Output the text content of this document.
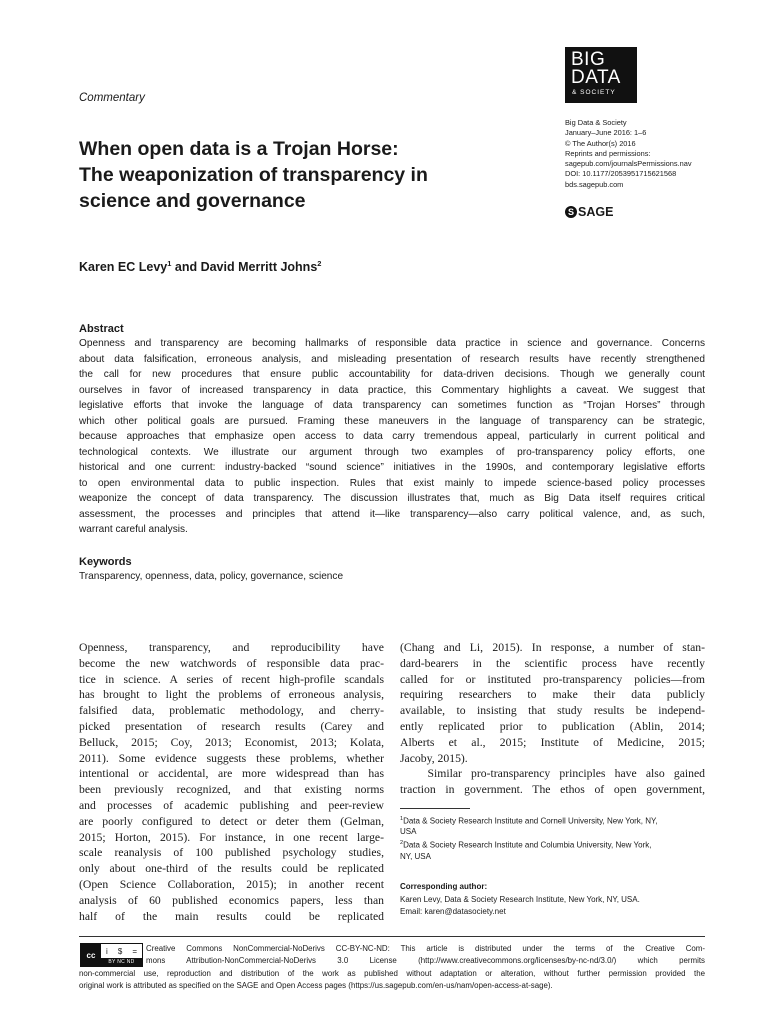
Commentary
BIG
DATA
& SOCIETY
Big Data & Society
January–June 2016: 1–6
© The Author(s) 2016
Reprints and permissions:
sagepub.com/journalsPermissions.nav
DOI: 10.1177/2053951715621568
bds.sagepub.com
S SAGE
When open data is a Trojan Horse:
The weaponization of transparency in
science and governance
Karen EC Levy$^1$ and David Merritt Johns$^2$
Abstract
Openness and transparency are becoming hallmarks of responsible data practice in science and governance. Concerns
about data falsification, erroneous analysis, and misleading presentation of research results have recently strengthened
the call for new procedures that ensure public accountability for data-driven decisions. Though we generally count
ourselves in favor of increased transparency in data practice, this Commentary highlights a caveat. We suggest that
legislative efforts that invoke the language of data transparency can sometimes function as “Trojan Horses” through
which other political goals are pursued. Framing these maneuvers in the language of transparency can be strategic,
because approaches that emphasize open access to data carry tremendous appeal, particularly in current political and
technological contexts. We illustrate our argument through two examples of pro-transparency policy efforts, one
historical and one current: industry-backed “sound science” initiatives in the 1990s, and contemporary legislative efforts
to open environmental data to public inspection. Rules that exist mainly to impede science-based policy processes
weaponize the concept of data transparency. The discussion illustrates that, much as Big Data itself requires critical
assessment, the processes and principles that attend it—like transparency—also carry political valence, and, as such,
warrant careful analysis.
Keywords
Transparency, openness, data, policy, governance, science
Openness, transparency, and reproducibility have
become the new watchwords of responsible data prac-
tice in science. A series of recent high-profile scandals
has brought to light the problems of erroneous analysis,
falsified data, problematic methodology, and cherry-
picked presentation of research results (Carey and
Belluck, 2015; Coy, 2013; Economist, 2013; Kolata,
2011). Some evidence suggests these problems, whether
intentional or accidental, are more widespread than has
been previously recognized, and that existing norms
and processes of academic publishing and peer-review
are poorly configured to detect or deter them (Gelman,
2015; Horton, 2015). For instance, in one recent large-
scale reanalysis of 100 published psychology studies,
only about one-third of the results could be replicated
(Open Science Collaboration, 2015); in another recent
analysis of 60 published economics papers, less than
half of the main results could be replicated
(Chang and Li, 2015). In response, a number of stan-
dard-bearers in the scientific process have recently
called for or instituted pro-transparency policies—from
requiring researchers to make their data publicly
available, to insisting that study results be independ-
ently replicated prior to publication (Ablin, 2014;
Alberts et al., 2015; Institute of Medicine, 2015;
Jacoby, 2015).
Similar pro-transparency principles have also gained
traction in government. The ethos of open government,
$^1$Data & Society Research Institute and Cornell University, New York, NY,
USA
$^2$Data & Society Research Institute and Columbia University, New York,
NY, USA
Corresponding author:
Karen Levy, Data & Society Research Institute, New York, NY, USA.
Email: karen@datasociety.net
cc	i $ =
BY NC ND
Creative Commons NonCommercial-NoDerivs CC-BY-NC-ND: This article is distributed under the terms of the Creative Com-
mons Attribution-NonCommercial-NoDerivs 3.0 License (http://www.creativecommons.org/licenses/by-nc-nd/3.0/) which permits
non-commercial use, reproduction and distribution of the work as published without adaptation or alteration, without further permission provided the
original work is attributed as specified on the SAGE and Open Access pages (https://us.sagepub.com/en-us/nam/open-access-at-sage).
